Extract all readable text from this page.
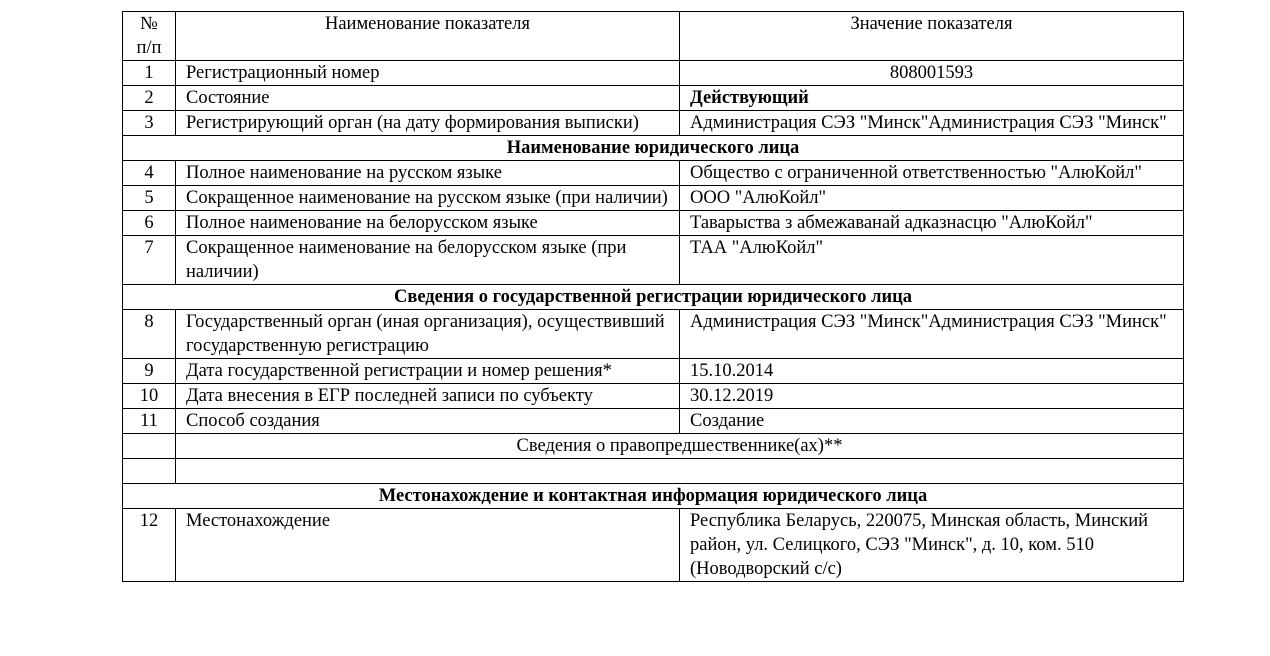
№ п/п	Наименование показателя	Значение показателя
1	Регистрационный номер	808001593
2	Состояние	Действующий
3	Регистрирующий орган (на дату формирования выписки)	Администрация СЭЗ "Минск"Администрация СЭЗ "Минск"
Наименование юридического лица		
4	Полное наименование на русском языке	Общество с ограниченной ответственностью "АлюКойл"
5	Сокращенное наименование на русском языке (при наличии)	ООО "АлюКойл"
6	Полное наименование на белорусском языке	Таварыства з абмежаванай адказнасцю "АлюКойл"
7	Сокращенное наименование на белорусском языке (при наличии)	ТАА "АлюКойл"
Сведения о государственной регистрации юридического лица		
8	Государственный орган (иная организация), осуществивший государственную регистрацию	Администрация СЭЗ "Минск"Администрация СЭЗ "Минск"
9	Дата государственной регистрации и номер решения*	15.10.2014
10	Дата внесения в ЕГР последней записи по субъекту	30.12.2019
11	Способ создания	Создание
	Сведения о правопредшественнике(ах)**	

Местонахождение и контактная информация юридического лица		
12	Местонахождение	Республика Беларусь, 220075, Минская область, Минский район, ул. Селицкого, СЭЗ "Минск", д. 10, ком. 510 (Новодворский с/с)
